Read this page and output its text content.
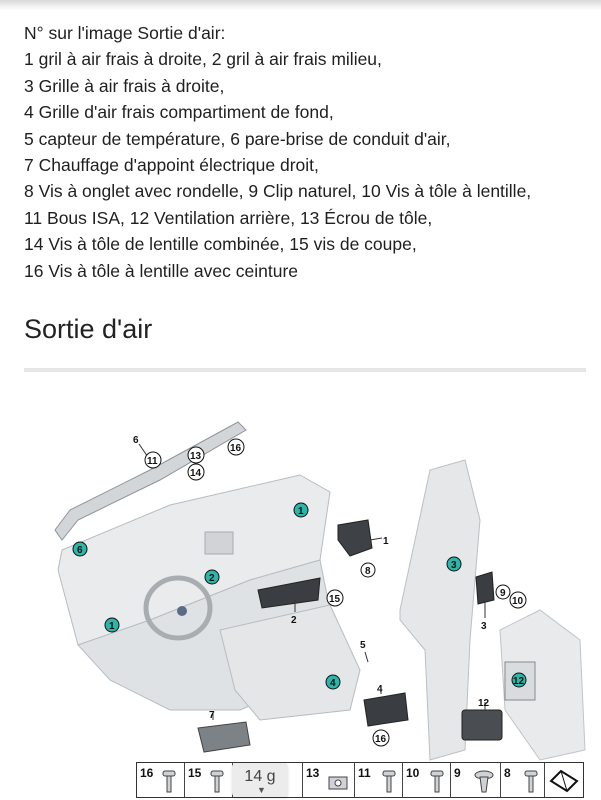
N° sur l'image Sortie d'air:
1 gril à air frais à droite, 2 gril à air frais milieu,
3 Grille à air frais à droite,
4 Grille d'air frais compartiment de fond,
5 capteur de température, 6 pare-brise de conduit d'air,
7 Chauffage d'appoint électrique droit,
8 Vis à onglet avec rondelle, 9 Clip naturel, 10 Vis à tôle à lentille,
11 Bous ISA, 12 Ventilation arrière, 13 Écrou de tôle,
14 Vis à tôle de lentille combinée, 15 vis de coupe,
16 Vis à tôle à lentille avec ceinture
Sortie d'air
1
1
2
3
4
6
12
11	13
14
16
8
15
9
10
16
6
1
2
3
5
4
7
12
16	15	13	11	10	9	8
14 g
▼
